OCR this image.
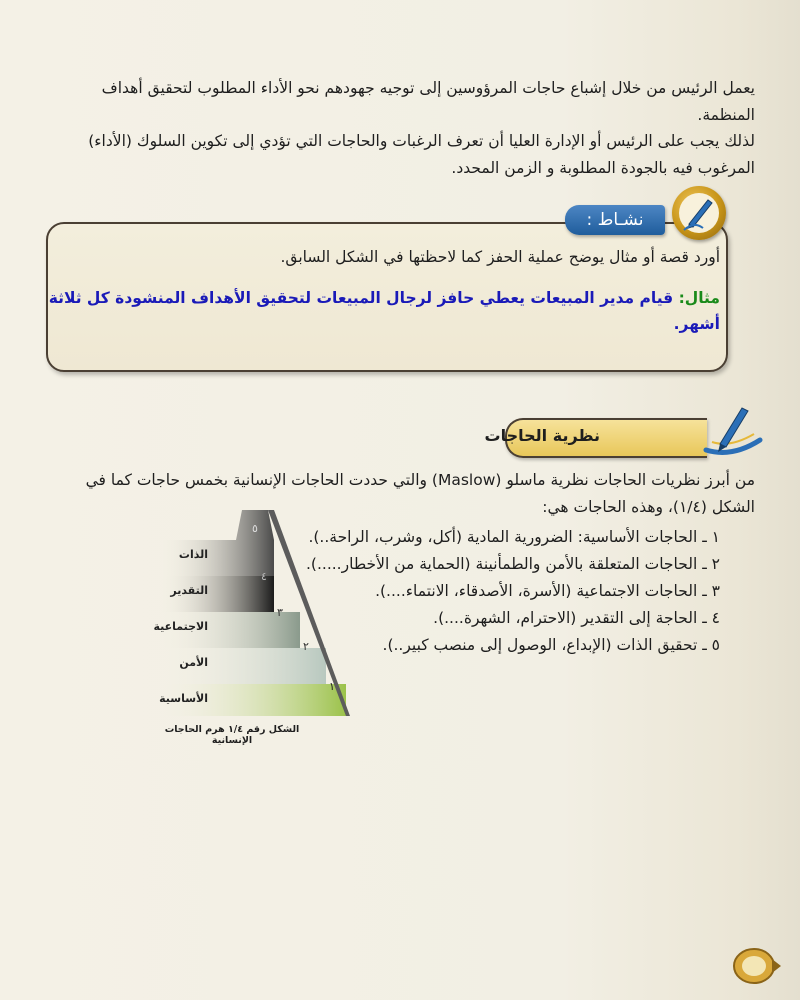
يعمل الرئيس من خلال إشباع حاجات المرؤوسين إلى توجيه جهودهم نحو الأداء المطلوب لتحقيق أهداف المنظمة.
لذلك يجب على الرئيس أو الإدارة العليا أن تعرف الرغبات والحاجات التي تؤدي إلى تكوين السلوك (الأداء) المرغوب فيه بالجودة المطلوبة و الزمن المحدد.
نشـاط :
أورد قصة أو مثال يوضح عملية الحفز كما لاحظتها في الشكل السابق.
مثال: قيام مدير المبيعات يعطي حافز لرجال المبيعات لتحقيق الأهداف المنشودة كل ثلاثة أشهر.
نظرية الحاجات
من أبرز نظريات الحاجات نظرية ماسلو (Maslow) والتي حددت الحاجات الإنسانية بخمس حاجات كما في الشكل (١/٤)، وهذه الحاجات هي:
١ ـ الحاجات الأساسية: الضرورية المادية (أكل، وشرب، الراحة..).
٢ ـ الحاجات المتعلقة بالأمن والطمأنينة (الحماية من الأخطار.....).
٣ ـ الحاجات الاجتماعية (الأسرة، الأصدقاء، الانتماء....).
٤ ـ الحاجة إلى التقدير (الاحترام، الشهرة....).
٥ ـ تحقيق الذات (الإبداع، الوصول إلى منصب كبير..).
الذات
التقدير
الاجتماعية
الأمن
الأساسية
٥
٤
٣
٢
١
الشكل رقم ١/٤ هرم الحاجات الإنسانية
